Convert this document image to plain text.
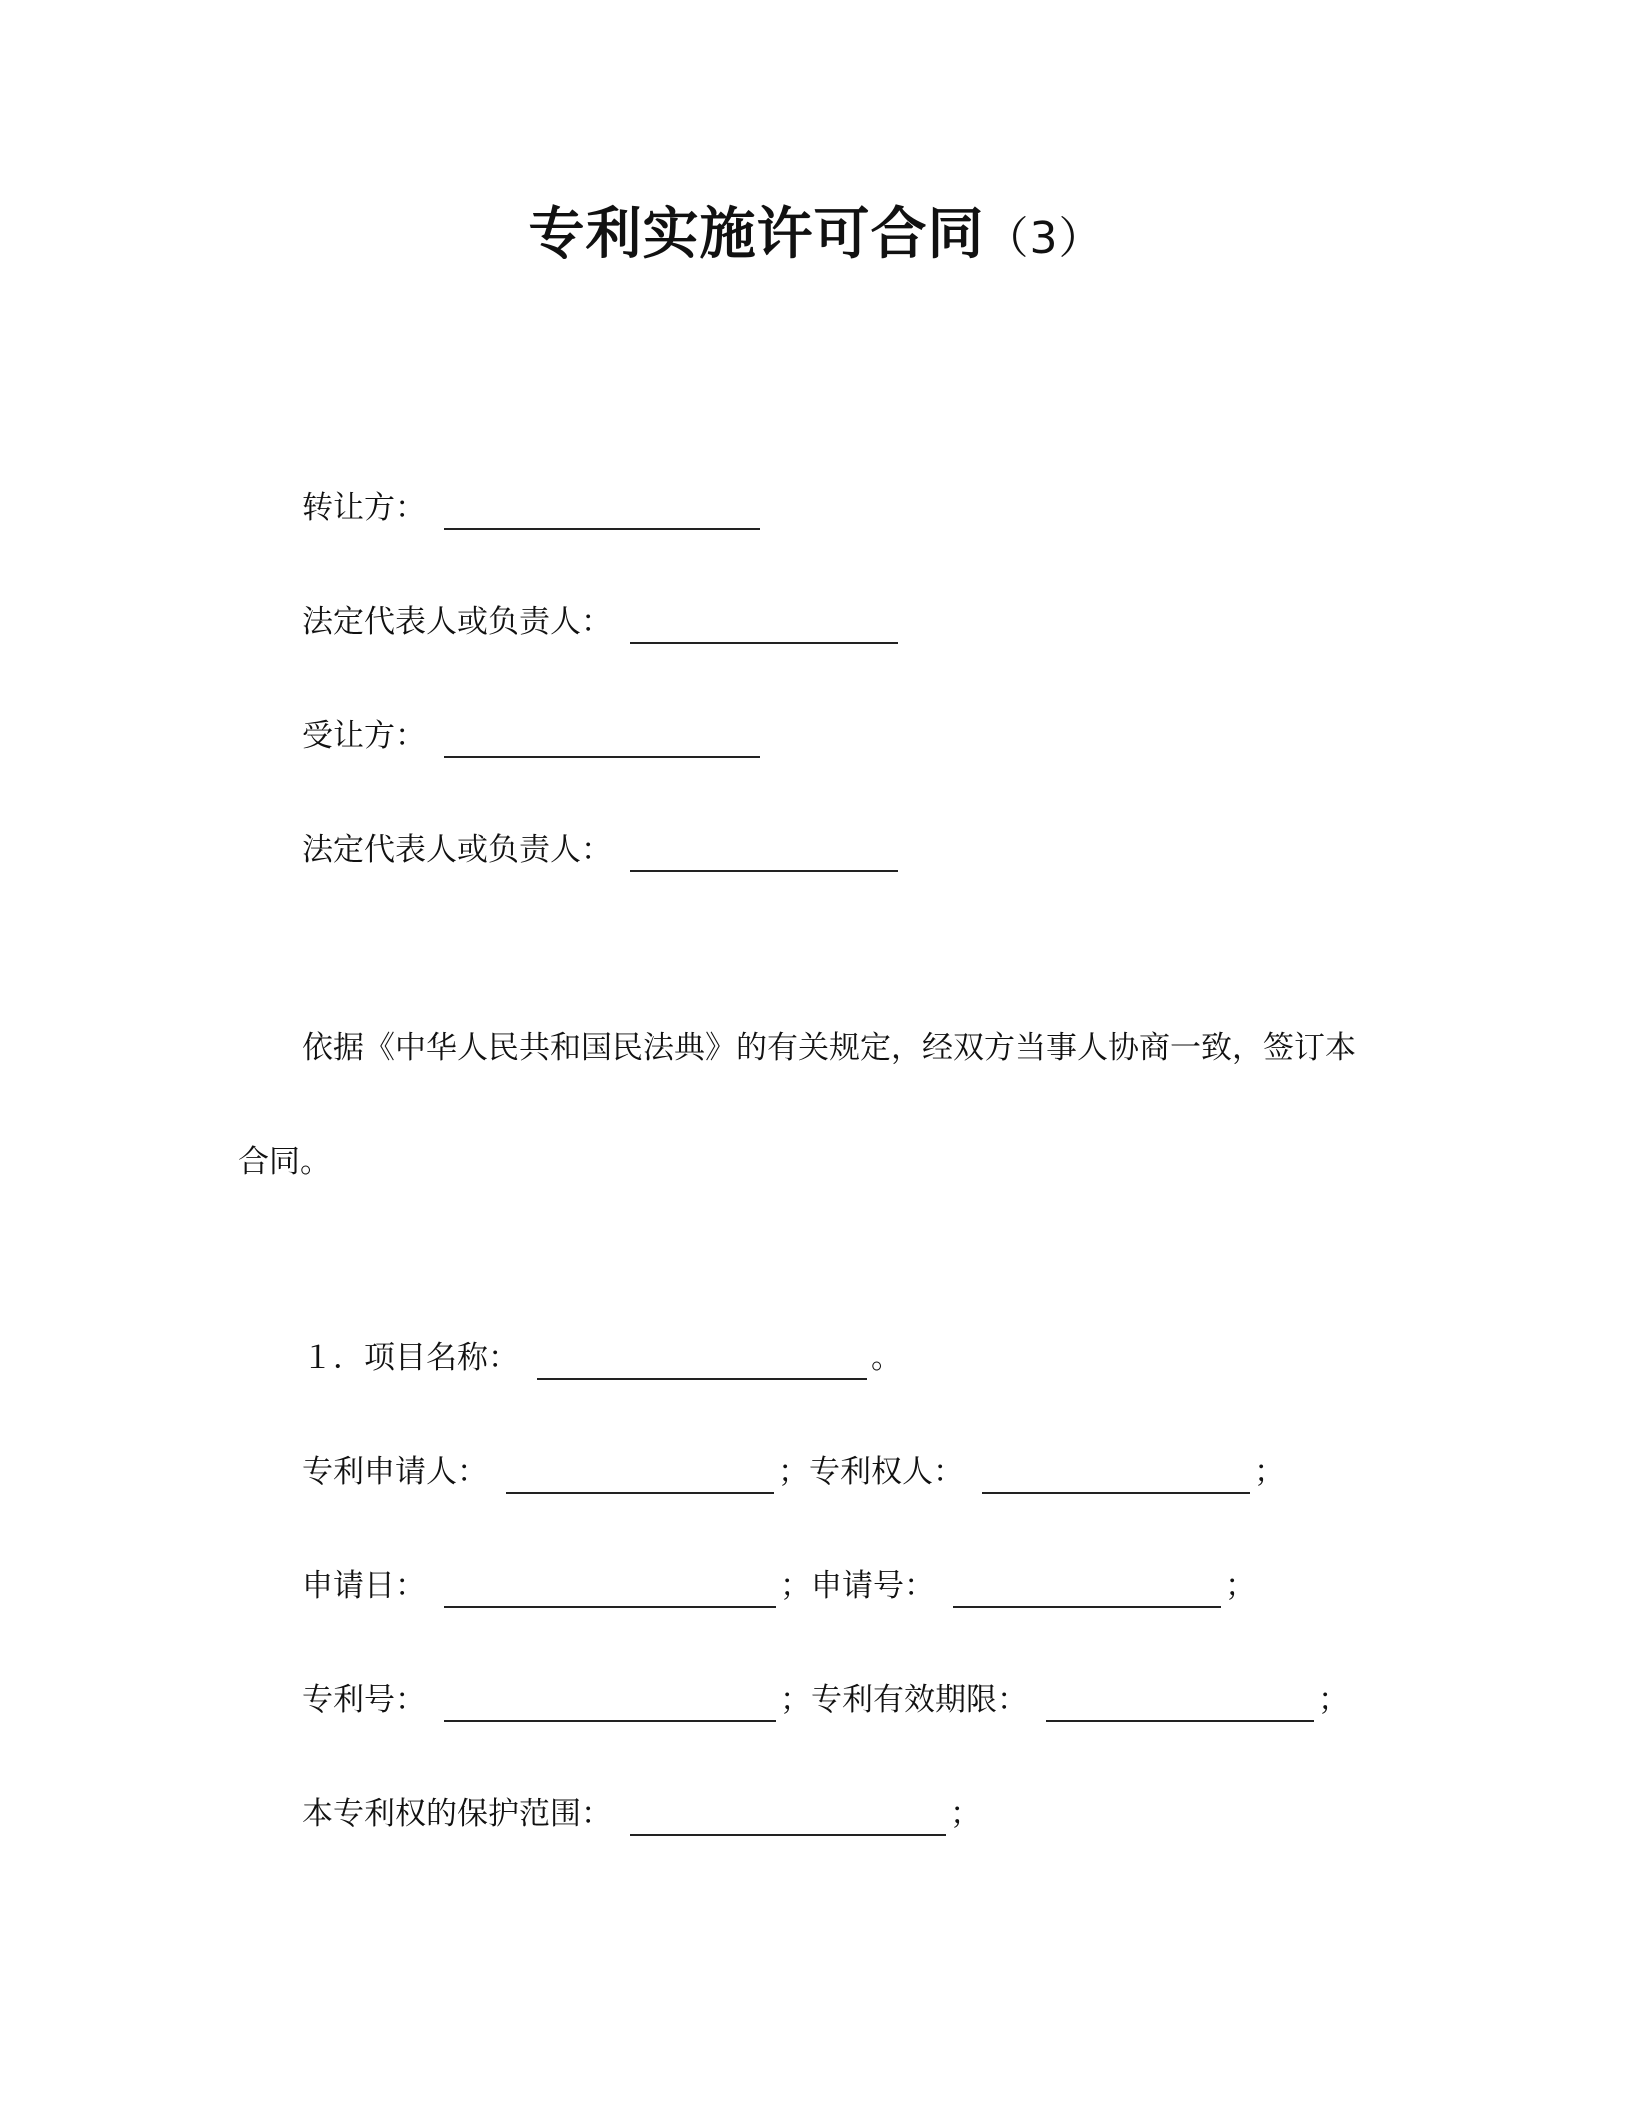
专利实施许可合同（3）
转让方：
法定代表人或负责人：
受让方：
法定代表人或负责人：
依据《中华人民共和国民法典》的有关规定，经双方当事人协商一致，签订本
合同。
１．项目名称：	。
专利申请人：	； 专利权人：	；
申请日：	； 申请号：	；
专利号：	； 专利有效期限：	；
本专利权的保护范围：	；
